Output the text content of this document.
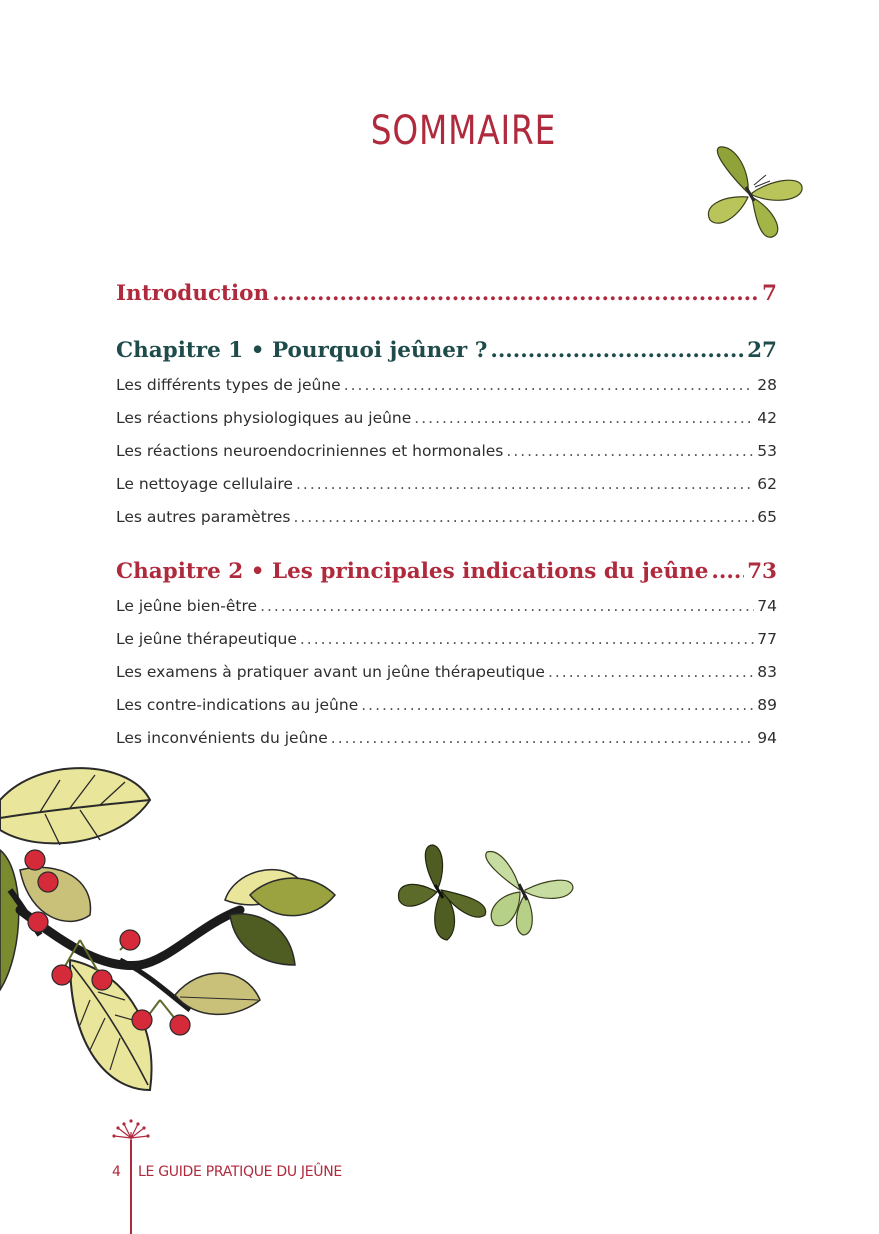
SOMMAIRE
Introduction .....	7
Chapitre 1 • Pourquoi jeûner ? .....	27
Les différents types de jeûne .....	28
Les réactions physiologiques au jeûne .....	42
Les réactions neuroendocriniennes et hormonales .....	53
Le nettoyage cellulaire .....	62
Les autres paramètres .....	65
Chapitre 2 • Les principales indications du jeûne ..... 73
Le jeûne bien-être .....	74
Le jeûne thérapeutique .....	77
Les examens à pratiquer avant un jeûne thérapeutique .....	83
Les contre-indications au jeûne .....	89
Les inconvénients du jeûne .....	94
4 LE GUIDE PRATIQUE DU JEÛNE
